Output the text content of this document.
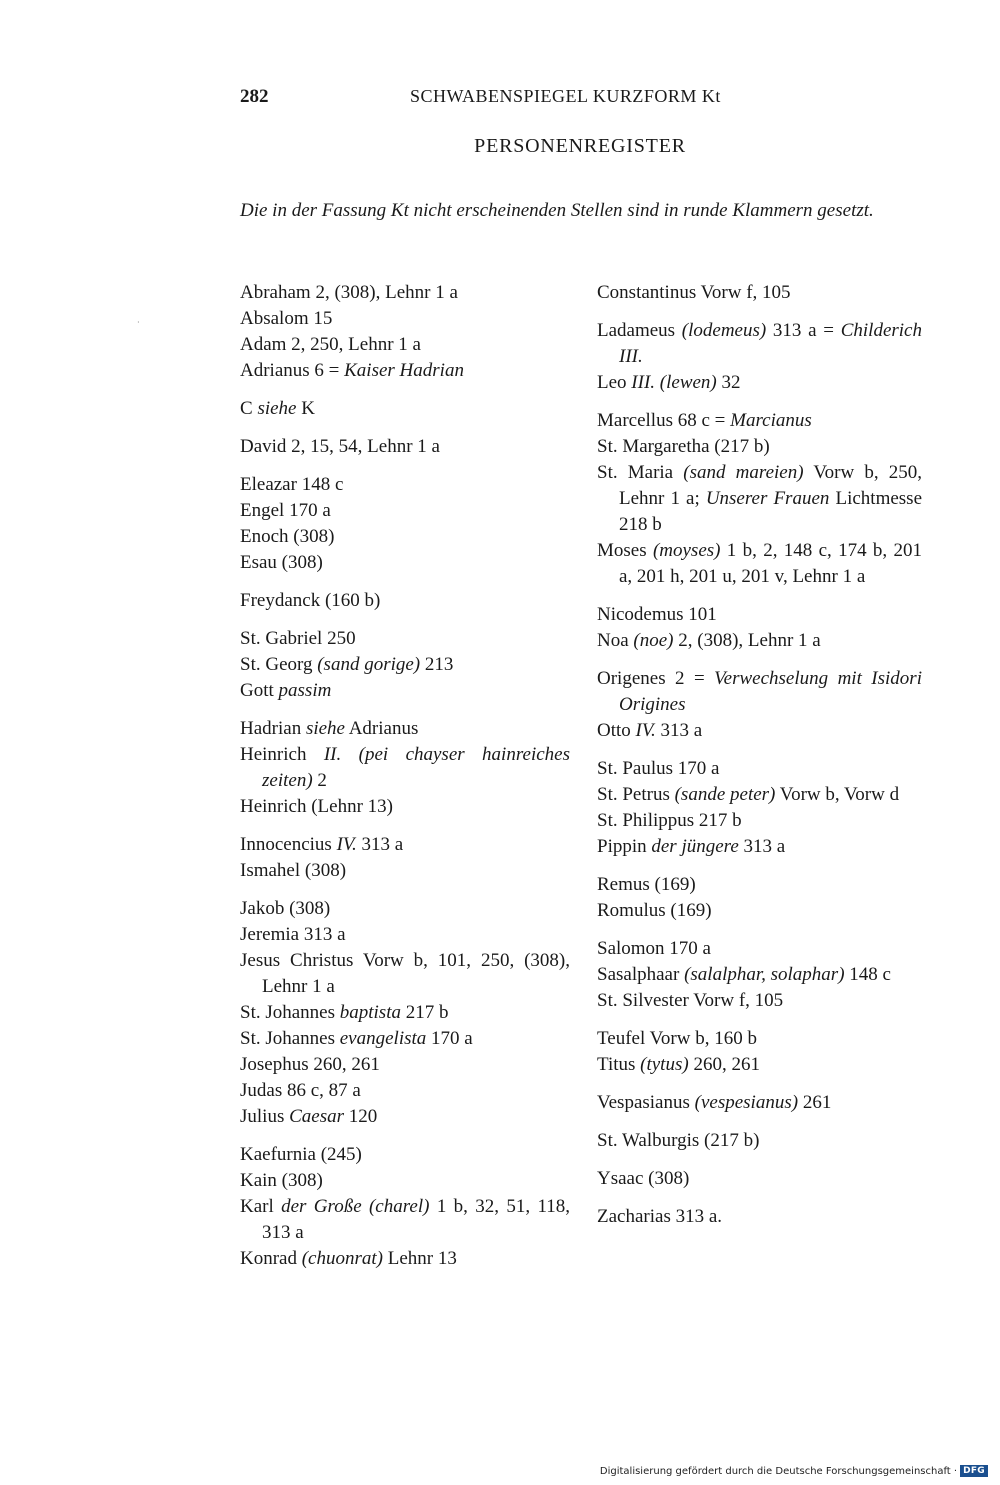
282	SCHWABENSPIEGEL KURZFORM Kt
PERSONENREGISTER
Die in der Fassung Kt nicht erscheinenden Stellen sind in runde Klammern gesetzt.
·
Abraham 2, (308), Lehnr 1 a
Absalom 15
Adam 2, 250, Lehnr 1 a
Adrianus 6 = Kaiser Hadrian
C siehe K
David 2, 15, 54, Lehnr 1 a
Eleazar 148 c
Engel 170 a
Enoch (308)
Esau (308)
Freydanck (160 b)
St. Gabriel 250
St. Georg (sand gorige) 213
Gott passim
Hadrian siehe Adrianus
Heinrich II. (pei chayser hainreiches zeiten) 2
Heinrich (Lehnr 13)
Innocencius IV. 313 a
Ismahel (308)
Jakob (308)
Jeremia 313 a
Jesus Christus Vorw b, 101, 250, (308), Lehnr 1 a
St. Johannes baptista 217 b
St. Johannes evangelista 170 a
Josephus 260, 261
Judas 86 c, 87 a
Julius Caesar 120
Kaefurnia (245)
Kain (308)
Karl der Große (charel) 1 b, 32, 51, 118, 313 a
Konrad (chuonrat) Lehnr 13
Constantinus Vorw f, 105
Ladameus (lodemeus) 313 a = Childerich III.
Leo III. (lewen) 32
Marcellus 68 c = Marcianus
St. Margaretha (217 b)
St. Maria (sand mareien) Vorw b, 250, Lehnr 1 a; Unserer Frauen Lichtmesse 218 b
Moses (moyses) 1 b, 2, 148 c, 174 b, 201 a, 201 h, 201 u, 201 v, Lehnr 1 a
Nicodemus 101
Noa (noe) 2, (308), Lehnr 1 a
Origenes 2 = Verwechselung mit Isidori Origines
Otto IV. 313 a
St. Paulus 170 a
St. Petrus (sande peter) Vorw b, Vorw d
St. Philippus 217 b
Pippin der jüngere 313 a
Remus (169)
Romulus (169)
Salomon 170 a
Sasalphaar (salalphar, solaphar) 148 c
St. Silvester Vorw f, 105
Teufel Vorw b, 160 b
Titus (tytus) 260, 261
Vespasianus (vespesianus) 261
St. Walburgis (217 b)
Ysaac (308)
Zacharias 313 a.
Digitalisierung gefördert durch die Deutsche Forschungsgemeinschaft · DFG
